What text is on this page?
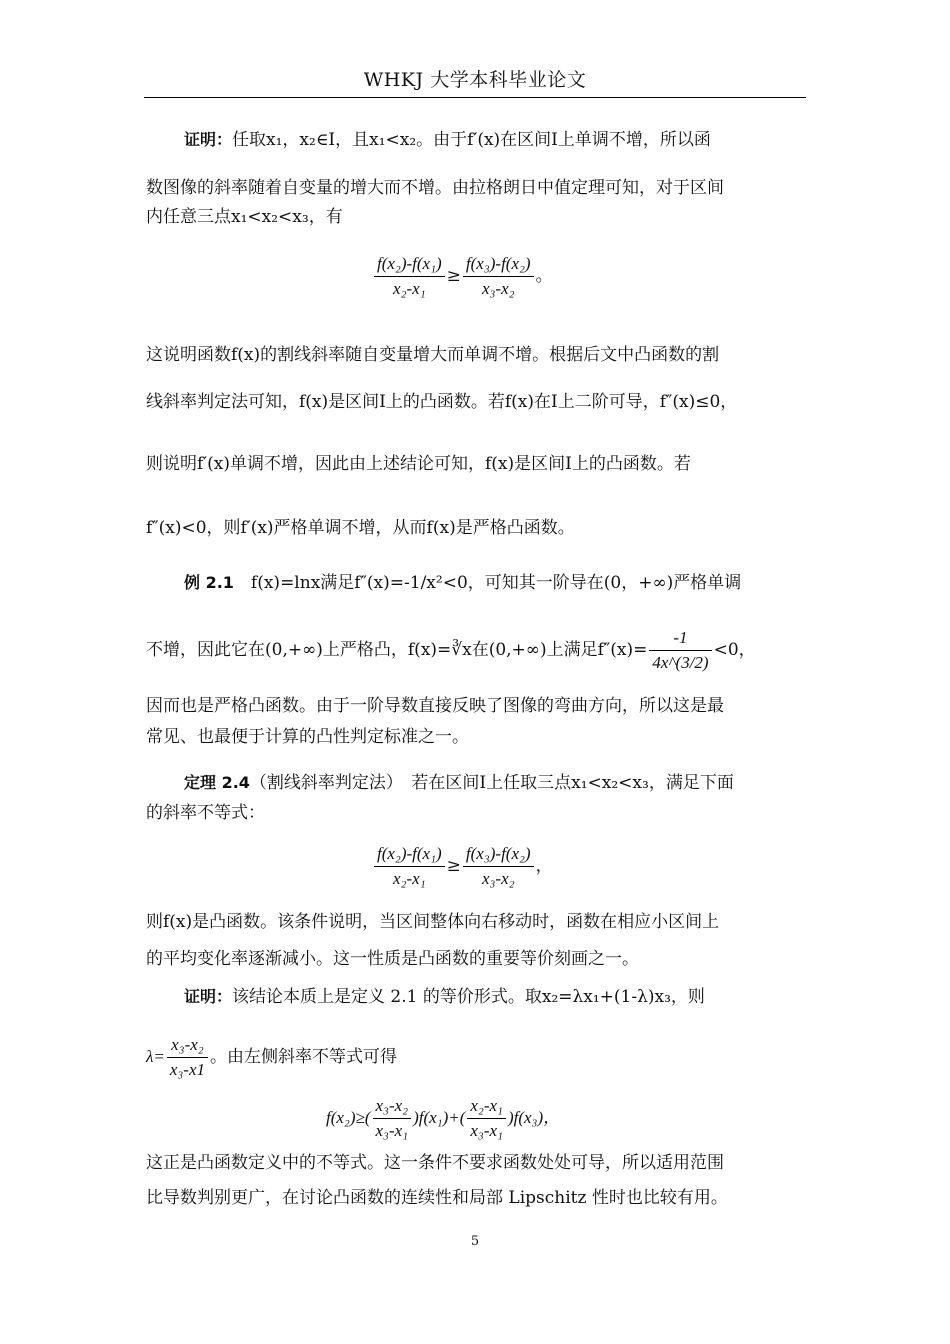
WHKJ 大学本科毕业论文
证明：任取x₁，x₂∈I，且x₁<x₂。由于f′(x)在区间I上单调不增，所以函
数图像的斜率随着自变量的增大而不增。由拉格朗日中值定理可知，对于区间
内任意三点x₁<x₂<x₃，有
$\frac{\text{f(x₂)-f(x₁)}}{\text{x₂-x₁}} \ge \frac{\text{f(x₃)-f(x₂)}}{\text{x₃-x₂}}$ 。
这说明函数f(x)的割线斜率随自变量增大而单调不增。根据后文中凸函数的割
线斜率判定法可知，f(x)是区间I上的凸函数。若f(x)在I上二阶可导，f″(x)≤0，
则说明f′(x)单调不增，因此由上述结论可知，f(x)是区间I上的凸函数。若
f″(x)<0，则f′(x)严格单调不增，从而f(x)是严格凸函数。
例 2.1  f(x)=lnx满足f″(x)=-1/x²<0，可知其一阶导在(0，+∞)严格单调
不增，因此它在(0,+∞)上严格凸，f(x)=∛x在(0,+∞)上满足$f''(x)= \frac{-1}{4x\^{}(3/2)} <0$，
因而也是严格凸函数。由于一阶导数直接反映了图像的弯曲方向，所以这是最
常见、也最便于计算的凸性判定标准之一。
定理 2.4（割线斜率判定法）　若在区间I上任取三点x₁<x₂<x₃，满足下面
的斜率不等式：
$\frac{\text{f(x₂)-f(x₁)}}{\text{x₂-x₁}} \ge \frac{\text{f(x₃)-f(x₂)}}{\text{x₃-x₂}}$ ，
则f(x)是凸函数。该条件说明，当区间整体向右移动时，函数在相应小区间上
的平均变化率逐渐减小。这一性质是凸函数的重要等价刻画之一。
证明：该结论本质上是定义 2.1 的等价形式。取x₂=λx₁+(1-λ)x₃，则
$\lambda= \frac{\text{x₃-x₂}}{\text{x₃-x1}}$ 。由左侧斜率不等式可得
$f(x_2)\ge( \frac{\text{x₃-x₂}}{\text{x₃-x₁}} )f(x_1)+( \frac{\text{x₂-x₁}}{\text{x₃-x₁}} )f(x_3)$，
这正是凸函数定义中的不等式。这一条件不要求函数处处可导，所以适用范围
比导数判别更广，在讨论凸函数的连续性和局部 Lipschitz 性时也比较有用。
5
